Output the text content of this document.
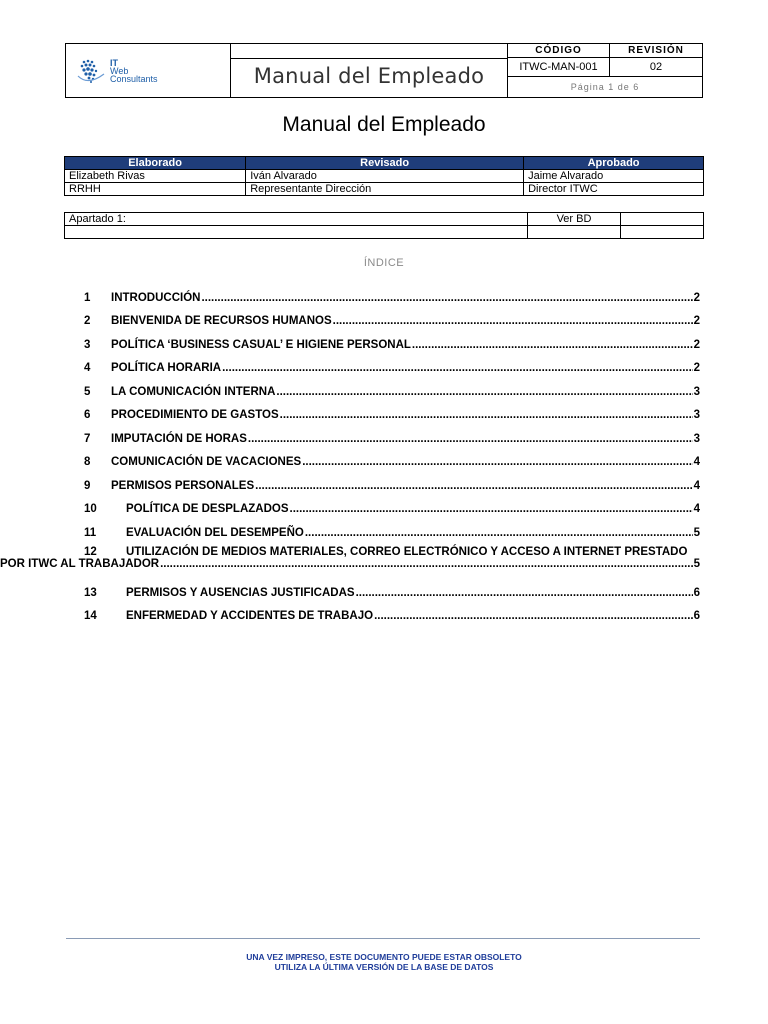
IT
Web
Consultants	Manual del Empleado
CÓDIGO	REVISIÓN
ITWC-MAN-001	02
Página 1 de 6
Manual del Empleado
Elaborado	Revisado	Aprobado
Elizabeth Rivas	Iván Alvarado	Jaime Alvarado
RRHH	Representante Dirección	Director ITWC
Apartado 1:	Ver BD	

ÍNDICE
1	INTRODUCCIÓN .....	2
2	BIENVENIDA DE RECURSOS HUMANOS .....	2
3	POLÍTICA ‘BUSINESS CASUAL’ E HIGIENE PERSONAL .....	2
4	POLÍTICA HORARIA .....	2
5	LA COMUNICACIÓN INTERNA .....	3
6	PROCEDIMIENTO DE GASTOS .....	3
7	IMPUTACIÓN DE HORAS .....	3
8	COMUNICACIÓN DE VACACIONES .....	4
9	PERMISOS PERSONALES .....	4
10	POLÍTICA DE DESPLAZADOS .....	4
11	EVALUACIÓN DEL DESEMPEÑO .....	5
12	UTILIZACIÓN DE MEDIOS MATERIALES, CORREO ELECTRÓNICO Y ACCESO A INTERNET PRESTADO
POR ITWC AL TRABAJADOR .....	5
13	PERMISOS Y AUSENCIAS JUSTIFICADAS .....	6
14	ENFERMEDAD Y ACCIDENTES DE TRABAJO .....	6
UNA VEZ IMPRESO, ESTE DOCUMENTO PUEDE ESTAR OBSOLETO
UTILIZA LA ÚLTIMA VERSIÓN DE LA BASE DE DATOS
